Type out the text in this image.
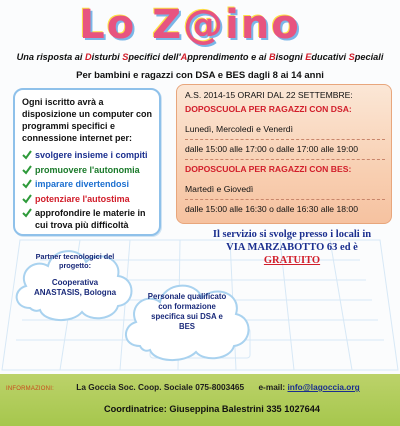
Lo Z@ino
Una risposta ai Disturbi Specifici dell'Apprendimento e ai Bisogni Educativi Speciali
Per bambini e ragazzi con DSA e BES dagli 8 ai 14 anni

Ogni iscritto avrà a disposizione un computer con programmi specifici e connessione internet per:

svolgere insieme i compiti
promuovere l'autonomia
imparare divertendosi
potenziare l'autostima
approfondire le materie in cui trova più difficoltà
A.S. 2014-15 ORARI DAL 22 SETTEMBRE:
DOPOSCUOLA PER RAGAZZI CON DSA:
Lunedì, Mercoledì e Venerdì
dalle 15:00 alle 17:00 o dalle 17:00 alle 19:00
DOPOSCUOLA PER RAGAZZI CON BES:
Martedì e Giovedì
dalle 15:00 alle 16:30 o dalle 16:30 alle 18:00
Il servizio si svolge presso i locali in
VIA MARZABOTTO 63 ed è
GRATUITO
Partner tecnologici del progetto:
Cooperativa ANASTASIS, Bologna	Personale qualificato con formazione specifica sui DSA e BES
INFORMAZIONI:	La Goccia Soc. Coop. Sociale 075-8003465 e-mail: info@lagoccia.org
Coordinatrice: Giuseppina Balestrini 335 1027644
